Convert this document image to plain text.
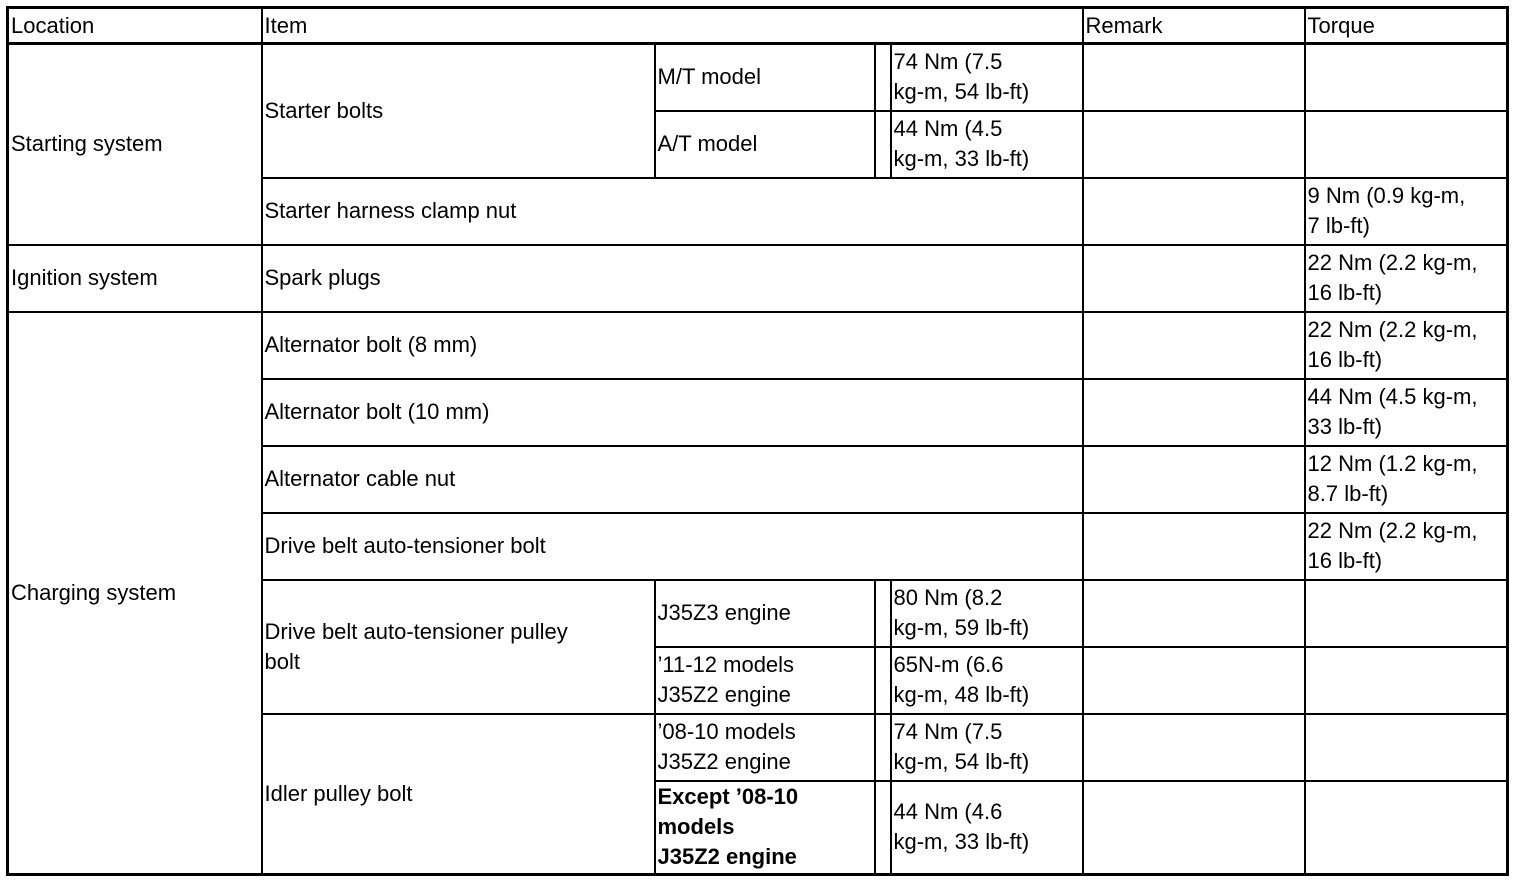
Location	Item				Remark	Torque
Starting system	Starter bolts	M/T model		74 Nm (7.5
kg-m, 54 lb-ft)		
		A/T model		44 Nm (4.5
kg-m, 33 lb-ft)		
	Starter harness clamp nut					9 Nm (0.9 kg-m,
7 lb-ft)
Ignition system	Spark plugs					22 Nm (2.2 kg-m,
16 lb-ft)
Charging system	Alternator bolt (8 mm)					22 Nm (2.2 kg-m,
16 lb-ft)
	Alternator bolt (10 mm)					44 Nm (4.5 kg-m,
33 lb-ft)
	Alternator cable nut					12 Nm (1.2 kg-m,
8.7 lb-ft)
	Drive belt auto-tensioner bolt					22 Nm (2.2 kg-m,
16 lb-ft)
	Drive belt auto-tensioner pulley
bolt	J35Z3 engine		80 Nm (8.2
kg-m, 59 lb-ft)		
		’11-12 models
J35Z2 engine		65N-m (6.6
kg-m, 48 lb-ft)		
	Idler pulley bolt	’08-10 models
J35Z2 engine		74 Nm (7.5
kg-m, 54 lb-ft)		
		Except ’08-10
models
J35Z2 engine		44 Nm (4.6
kg-m, 33 lb-ft)		
